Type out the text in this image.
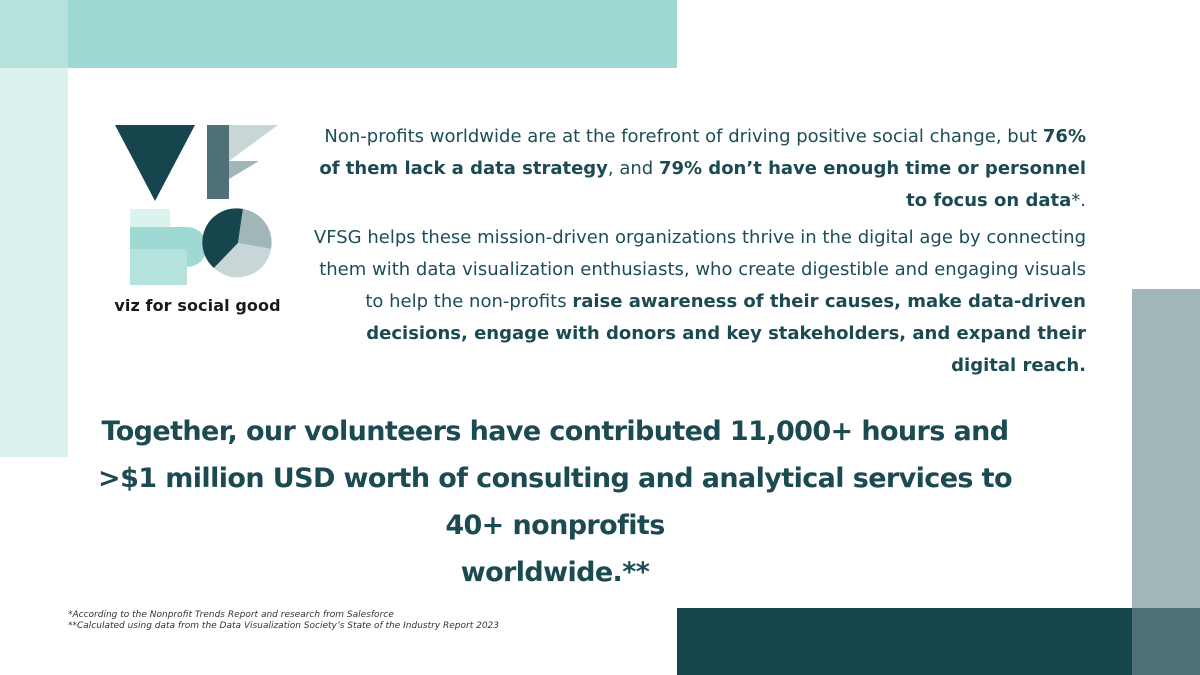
viz for social good

Non-profits worldwide are at the forefront of driving positive social change, but 76% of them lack a data strategy, and 79% don’t have enough time or personnel to focus on data*.

VFSG helps these mission-driven organizations thrive in the digital age by connecting them with data visualization enthusiasts, who create digestible and engaging visuals to help the non-profits raise awareness of their causes, make data-driven decisions, engage with donors and key stakeholders, and expand their digital reach.

Together, our volunteers have contributed 11,000+ hours and
>$1 million USD worth of consulting and analytical services to 40+ nonprofits
worldwide.**

*According to the Nonprofit Trends Report and research from Salesforce

**Calculated using data from the Data Visualization Society’s State of the Industry Report 2023
